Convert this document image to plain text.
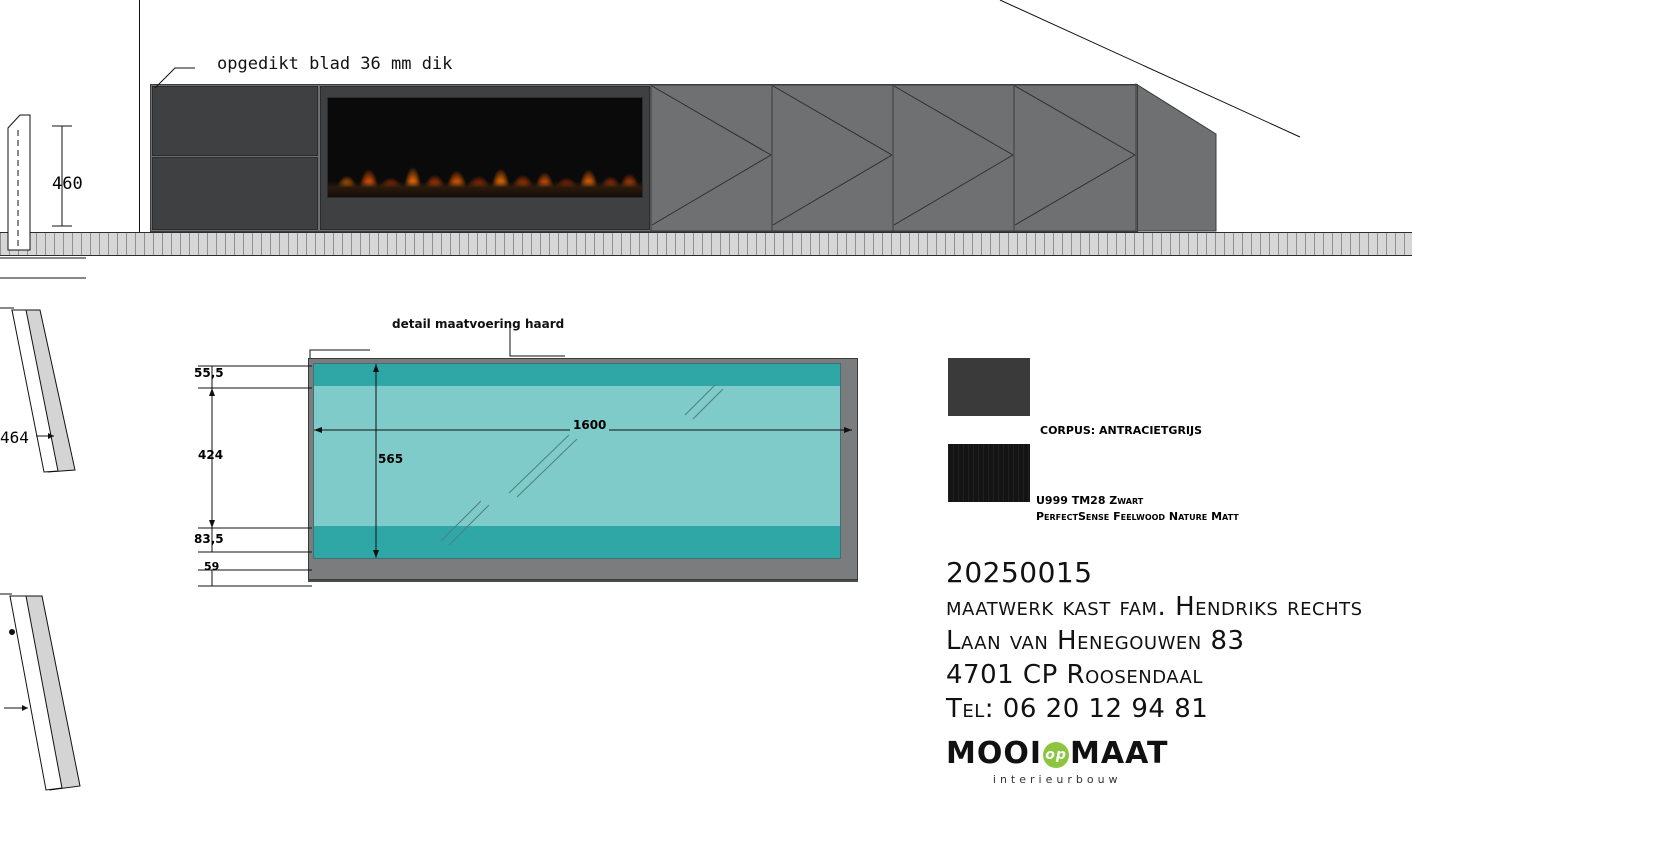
opgedikt blad 36 mm dik
460
464
detail maatvoering haard
55,5
424
83,5
59
565
1600	CORPUS: ANTRACIETGRIJS
U999 TM28 Zwart
PerfectSense Feelwood Nature Matt
20250015
maatwerk kast fam. Hendriks rechts
Laan van Henegouwen 83
4701 CP Roosendaal
Tel: 06 20 12 94 81
MOOI op MAAT
interieurbouw
